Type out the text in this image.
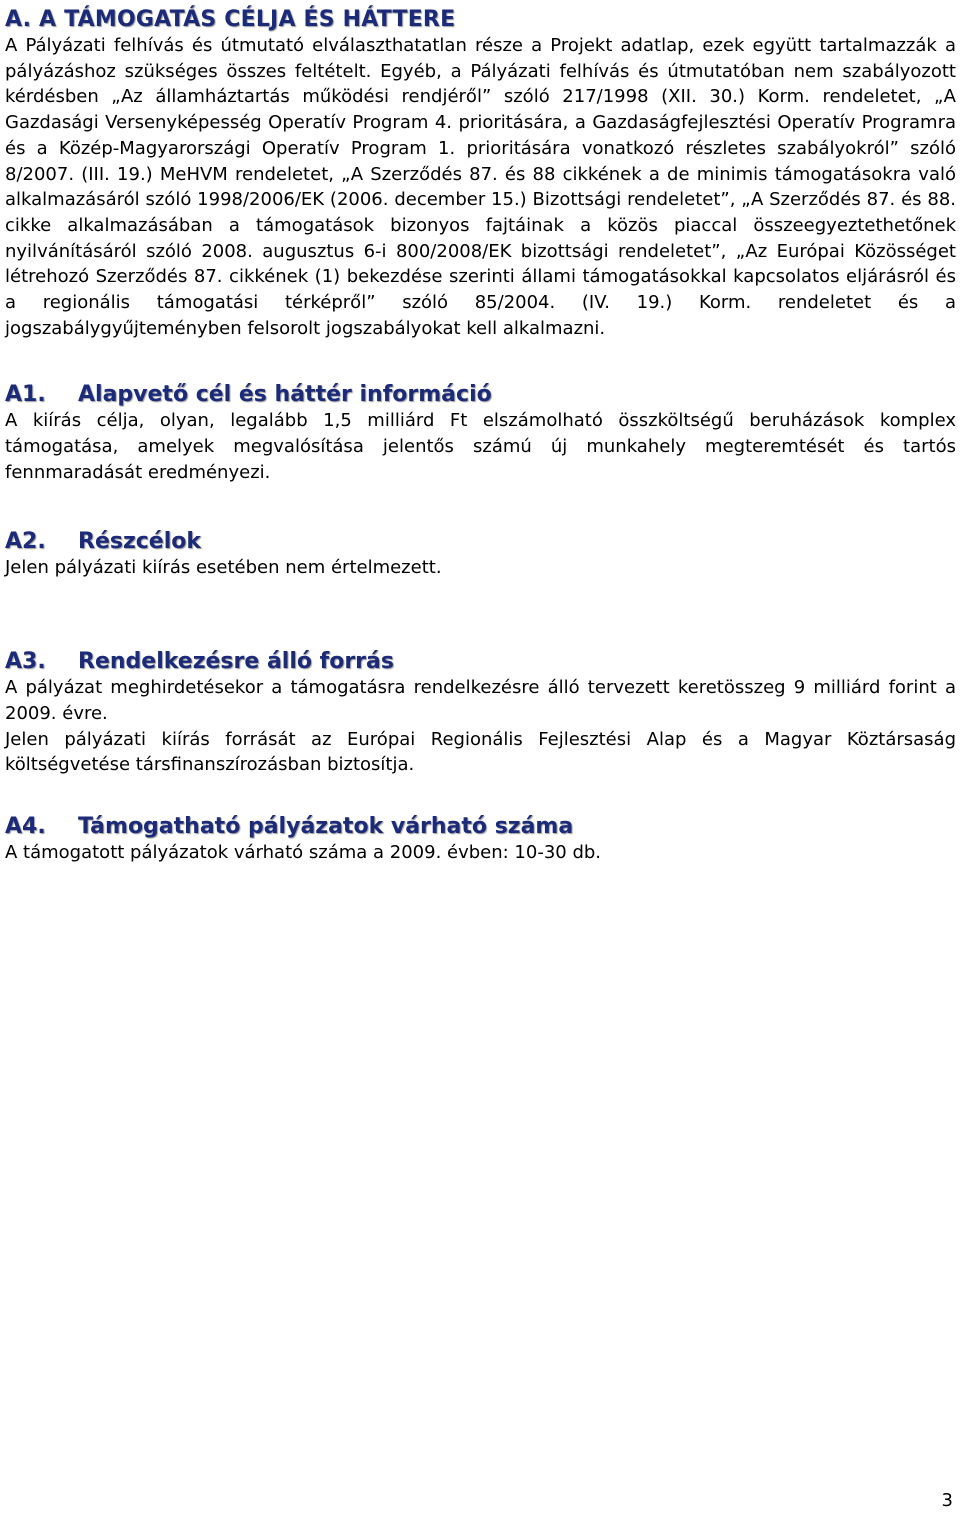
A. A TÁMOGATÁS CÉLJA ÉS HÁTTERE

A Pályázati felhívás és útmutató elválaszthatatlan része a Projekt adatlap, ezek együtt tartalmazzák a pályázáshoz szükséges összes feltételt. Egyéb, a Pályázati felhívás és útmutatóban nem szabályozott kérdésben „Az államháztartás működési rendjéről” szóló 217/1998 (XII. 30.) Korm. rendeletet, „A Gazdasági Versenyképesség Operatív Program 4. prioritására, a Gazdaságfejlesztési Operatív Programra és a Közép-Magyarországi Operatív Program 1. prioritására vonatkozó részletes szabályokról” szóló 8/2007. (III. 19.) MeHVM rendeletet, „A Szerződés 87. és 88 cikkének a de minimis támogatásokra való alkalmazásáról szóló 1998/2006/EK (2006. december 15.) Bizottsági rendeletet”, „A Szerződés 87. és 88. cikke alkalmazásában a támogatások bizonyos fajtáinak a közös piaccal összeegyeztethetőnek nyilvánításáról szóló 2008. augusztus 6-i 800/2008/EK bizottsági rendeletet”, „Az Európai Közösséget létrehozó Szerződés 87. cikkének (1) bekezdése szerinti állami támogatásokkal kapcsolatos eljárásról és a regionális támogatási térképről” szóló 85/2004. (IV. 19.) Korm. rendeletet és a jogszabálygyűjteményben felsorolt jogszabályokat kell alkalmazni.

A1.	Alapvető cél és háttér információ

A kiírás célja, olyan, legalább 1,5 milliárd Ft elszámolható összköltségű beruházások komplex támogatása, amelyek megvalósítása jelentős számú új munkahely megteremtését és tartós fennmaradását eredményezi.

A2.	Részcélok

Jelen pályázati kiírás esetében nem értelmezett.

A3.	Rendelkezésre álló forrás

A pályázat meghirdetésekor a támogatásra rendelkezésre álló tervezett keretösszeg 9 milliárd forint a 2009. évre.

Jelen pályázati kiírás forrását az Európai Regionális Fejlesztési Alap és a Magyar Köztársaság költségvetése társfinanszírozásban biztosítja.

A4.	Támogatható pályázatok várható száma

A támogatott pályázatok várható száma a 2009. évben: 10-30 db.

3
